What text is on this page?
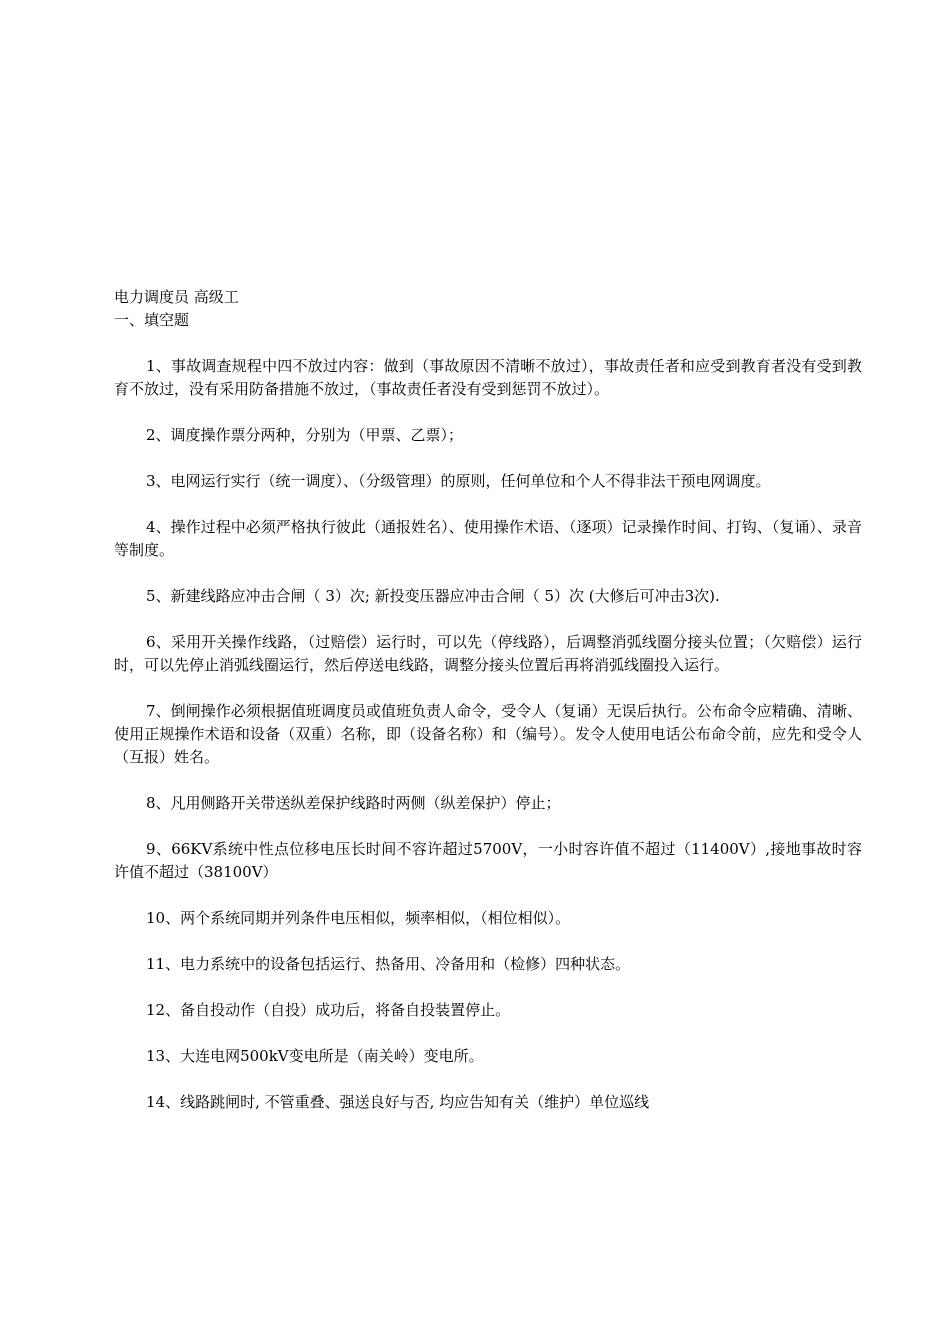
电力调度员 高级工

一、填空题

1、事故调查规程中四不放过内容：做到（事故原因不清晰不放过），事故责任者和应受到教育者没有受到教育不放过，没有采用防备措施不放过，（事故责任者没有受到惩罚不放过）。

2、调度操作票分两种，分别为（甲票、乙票）；

3、电网运行实行（统一调度）、（分级管理）的原则，任何单位和个人不得非法干预电网调度。

4、操作过程中必须严格执行彼此（通报姓名）、使用操作术语、（逐项）记录操作时间、打钩、（复诵）、录音等制度。

5、新建线路应冲击合闸（ 3）次; 新投变压器应冲击合闸（ 5）次 (大修后可冲击3次).

6、采用开关操作线路，（过赔偿）运行时，可以先（停线路），后调整消弧线圈分接头位置；（欠赔偿）运行时，可以先停止消弧线圈运行，然后停送电线路，调整分接头位置后再将消弧线圈投入运行。

7、倒闸操作必须根据值班调度员或值班负责人命令，受令人（复诵）无误后执行。公布命令应精确、清晰、使用正规操作术语和设备（双重）名称，即（设备名称）和（编号）。发令人使用电话公布命令前，应先和受令人（互报）姓名。

8、凡用侧路开关带送纵差保护线路时两侧（纵差保护）停止；

9、66KV系统中性点位移电压长时间不容许超过5700V，一小时容许值不超过（11400V）,接地事故时容许值不超过（38100V）

10、两个系统同期并列条件电压相似，频率相似，（相位相似）。

11、电力系统中的设备包括运行、热备用、冷备用和（检修）四种状态。

12、备自投动作（自投）成功后，将备自投装置停止。

13、大连电网500kV变电所是（南关岭）变电所。

14、线路跳闸时, 不管重叠、强送良好与否, 均应告知有关（维护）单位巡线
